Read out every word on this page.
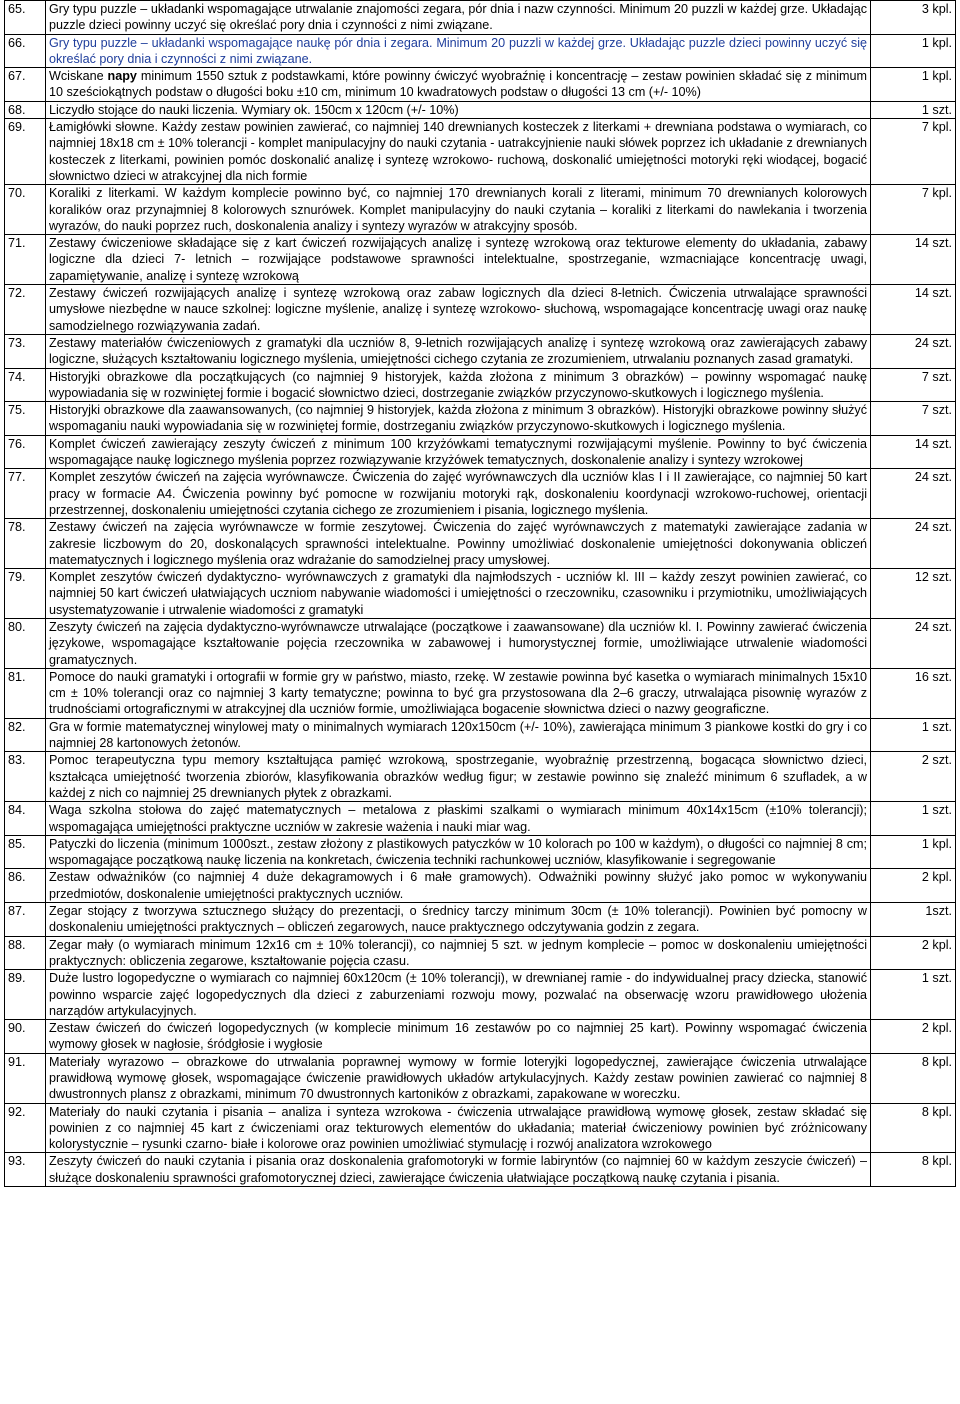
65.	Gry typu puzzle – układanki wspomagające utrwalanie znajomości zegara, pór dnia i nazw czynności. Minimum 20 puzzli w każdej grze. Układając puzzle dzieci powinny uczyć się określać pory dnia i czynności z nimi związane.	3 kpl.
66.	Gry typu puzzle – układanki wspomagające naukę pór dnia i zegara. Minimum 20 puzzli w każdej grze. Układając puzzle dzieci powinny uczyć się określać pory dnia i czynności z nimi związane.	1 kpl.
67.	Wciskane napy minimum 1550 sztuk z podstawkami, które powinny ćwiczyć wyobraźnię i koncentrację – zestaw powinien składać się z minimum 10 sześciokątnych podstaw o długości boku ±10 cm, minimum 10 kwadratowych podstaw o długości 13 cm (+/- 10%)	1 kpl.
68.	Liczydło stojące do nauki liczenia. Wymiary ok. 150cm x 120cm (+/- 10%)	1 szt.
69.	Łamigłówki słowne. Każdy zestaw powinien zawierać, co najmniej 140 drewnianych kosteczek z literkami + drewniana podstawa o wymiarach, co najmniej 18x18 cm ± 10% tolerancji - komplet manipulacyjny do nauki czytania - uatrakcyjnienie nauki słówek poprzez ich układanie z drewnianych kosteczek z literkami, powinien pomóc doskonalić analizę i syntezę wzrokowo- ruchową, doskonalić umiejętności motoryki ręki wiodącej, bogacić słownictwo dzieci w atrakcyjnej dla nich formie	7 kpl.
70.	Koraliki z literkami. W każdym komplecie powinno być, co najmniej 170 drewnianych korali z literami, minimum 70 drewnianych kolorowych koralików oraz przynajmniej 8 kolorowych sznurówek. Komplet manipulacyjny do nauki czytania – koraliki z literkami do nawlekania i tworzenia wyrazów, do nauki poprzez ruch, doskonalenia analizy i syntezy wyrazów w atrakcyjny sposób.	7 kpl.
71.	Zestawy ćwiczeniowe składające się z kart ćwiczeń rozwijających analizę i syntezę wzrokową oraz tekturowe elementy do układania, zabawy logiczne dla dzieci 7- letnich – rozwijające podstawowe sprawności intelektualne, spostrzeganie, wzmacniające koncentrację uwagi, zapamiętywanie, analizę i syntezę wzrokową	14 szt.
72.	Zestawy ćwiczeń rozwijających analizę i syntezę wzrokową oraz zabaw logicznych dla dzieci 8-letnich. Ćwiczenia utrwalające sprawności umysłowe niezbędne w nauce szkolnej: logiczne myślenie, analizę i syntezę wzrokowo- słuchową, wspomagające koncentrację uwagi oraz naukę samodzielnego rozwiązywania zadań.	14 szt.
73.	Zestawy materiałów ćwiczeniowych z gramatyki dla uczniów 8, 9-letnich rozwijających analizę i syntezę wzrokową oraz zawierających zabawy logiczne, służących kształtowaniu logicznego myślenia, umiejętności cichego czytania ze zrozumieniem, utrwalaniu poznanych zasad gramatyki.	24 szt.
74.	Historyjki obrazkowe dla początkujących (co najmniej 9 historyjek, każda złożona z minimum 3 obrazków) – powinny wspomagać naukę wypowiadania się w rozwiniętej formie i bogacić słownictwo dzieci, dostrzeganie związków przyczynowo-skutkowych i logicznego myślenia.	7 szt.
75.	Historyjki obrazkowe dla zaawansowanych, (co najmniej 9 historyjek, każda złożona z minimum 3 obrazków). Historyjki obrazkowe powinny służyć wspomaganiu nauki wypowiadania się w rozwiniętej formie, dostrzeganiu związków przyczynowo-skutkowych i logicznego myślenia.	7 szt.
76.	Komplet ćwiczeń zawierający zeszyty ćwiczeń z minimum 100 krzyżówkami tematycznymi rozwijającymi myślenie. Powinny to być ćwiczenia wspomagające naukę logicznego myślenia poprzez rozwiązywanie krzyżówek tematycznych, doskonalenie analizy i syntezy wzrokowej	14 szt.
77.	Komplet zeszytów ćwiczeń na zajęcia wyrównawcze. Ćwiczenia do zajęć wyrównawczych dla uczniów klas I i II zawierające, co najmniej 50 kart pracy w formacie A4. Ćwiczenia powinny być pomocne w rozwijaniu motoryki rąk, doskonaleniu koordynacji wzrokowo-ruchowej, orientacji przestrzennej, doskonaleniu umiejętności czytania cichego ze zrozumieniem i pisania, logicznego myślenia.	24 szt.
78.	Zestawy ćwiczeń na zajęcia wyrównawcze w formie zeszytowej. Ćwiczenia do zajęć wyrównawczych z matematyki zawierające zadania w zakresie liczbowym do 20, doskonalących sprawności intelektualne. Powinny umożliwiać doskonalenie umiejętności dokonywania obliczeń matematycznych i logicznego myślenia oraz wdrażanie do samodzielnej pracy umysłowej.	24 szt.
79.	Komplet zeszytów ćwiczeń dydaktyczno- wyrównawczych z gramatyki dla najmłodszych - uczniów kl. III – każdy zeszyt powinien zawierać, co najmniej 50 kart ćwiczeń ułatwiających uczniom nabywanie wiadomości i umiejętności o rzeczowniku, czasowniku i przymiotniku, umożliwiających usystematyzowanie i utrwalenie wiadomości z gramatyki	12 szt.
80.	Zeszyty ćwiczeń na zajęcia dydaktyczno-wyrównawcze utrwalające (początkowe i zaawansowane) dla uczniów kl. I. Powinny zawierać ćwiczenia językowe, wspomagające kształtowanie pojęcia rzeczownika w zabawowej i humorystycznej formie, umożliwiające utrwalenie wiadomości gramatycznych.	24 szt.
81.	Pomoce do nauki gramatyki i ortografii w formie gry w państwo, miasto, rzekę. W zestawie powinna być kasetka o wymiarach minimalnych 15x10 cm ± 10% tolerancji oraz co najmniej 3 karty tematyczne; powinna to być gra przystosowana dla 2–6 graczy, utrwalająca pisownię wyrazów z trudnościami ortograficznymi w atrakcyjnej dla uczniów formie, umożliwiająca bogacenie słownictwa dzieci o nazwy geograficzne.	16 szt.
82.	Gra w formie matematycznej winylowej maty o minimalnych wymiarach 120x150cm (+/- 10%), zawierająca minimum 3 piankowe kostki do gry i co najmniej 28 kartonowych żetonów.	1 szt.
83.	Pomoc terapeutyczna typu memory kształtująca pamięć wzrokową, spostrzeganie, wyobraźnię przestrzenną, bogacąca słownictwo dzieci, kształcąca umiejętność tworzenia zbiorów, klasyfikowania obrazków według figur; w zestawie powinno się znaleźć minimum 6 szufladek, a w każdej z nich co najmniej 25 drewnianych płytek z obrazkami.	2 szt.
84.	Waga szkolna stołowa do zajęć matematycznych – metalowa z płaskimi szalkami o wymiarach minimum 40x14x15cm (±10% tolerancji); wspomagająca umiejętności praktyczne uczniów w zakresie ważenia i nauki miar wag.	1 szt.
85.	Patyczki do liczenia (minimum 1000szt., zestaw złożony z plastikowych patyczków w 10 kolorach po 100 w każdym), o długości co najmniej 8 cm; wspomagające początkową naukę liczenia na konkretach, ćwiczenia techniki rachunkowej uczniów, klasyfikowanie i segregowanie	1 kpl.
86.	Zestaw odważników (co najmniej 4 duże dekagramowych i 6 małe gramowych). Odważniki powinny służyć jako pomoc w wykonywaniu przedmiotów, doskonalenie umiejętności praktycznych uczniów.	2 kpl.
87.	Zegar stojący z tworzywa sztucznego służący do prezentacji, o średnicy tarczy minimum 30cm (± 10% tolerancji). Powinien być pomocny w doskonaleniu umiejętności praktycznych – obliczeń zegarowych, nauce praktycznego odczytywania godzin z zegara.	1szt.
88.	Zegar mały (o wymiarach minimum 12x16 cm ± 10% tolerancji), co najmniej 5 szt. w jednym komplecie – pomoc w doskonaleniu umiejętności praktycznych: obliczenia zegarowe, kształtowanie pojęcia czasu.	2 kpl.
89.	Duże lustro logopedyczne o wymiarach co najmniej 60x120cm (± 10% tolerancji), w drewnianej ramie - do indywidualnej pracy dziecka, stanowić powinno wsparcie zajęć logopedycznych dla dzieci z zaburzeniami rozwoju mowy, pozwalać na obserwację wzoru prawidłowego ułożenia narządów artykulacyjnych.	1 szt.
90.	Zestaw ćwiczeń do ćwiczeń logopedycznych (w komplecie minimum 16 zestawów po co najmniej 25 kart). Powinny wspomagać ćwiczenia wymowy głosek w nagłosie, śródgłosie i wygłosie	2 kpl.
91.	Materiały wyrazowo – obrazkowe do utrwalania poprawnej wymowy w formie loteryjki logopedycznej, zawierające ćwiczenia utrwalające prawidłową wymowę głosek, wspomagające ćwiczenie prawidłowych układów artykulacyjnych. Każdy zestaw powinien zawierać co najmniej 8 dwustronnych plansz z obrazkami, minimum 70 dwustronnych kartoników z obrazkami, zapakowane w woreczku.	8 kpl.
92.	Materiały do nauki czytania i pisania – analiza i synteza wzrokowa - ćwiczenia utrwalające prawidłową wymowę głosek, zestaw składać się powinien z co najmniej 45 kart z ćwiczeniami oraz tekturowych elementów do układania; materiał ćwiczeniowy powinien być zróżnicowany kolorystycznie – rysunki czarno- białe i kolorowe oraz powinien umożliwiać stymulację i rozwój analizatora wzrokowego	8 kpl.
93.	Zeszyty ćwiczeń do nauki czytania i pisania oraz doskonalenia grafomotoryki w formie labiryntów (co najmniej 60 w każdym zeszycie ćwiczeń) – służące doskonaleniu sprawności grafomotorycznej dzieci, zawierające ćwiczenia ułatwiające początkową naukę czytania i pisania.	8 kpl.
